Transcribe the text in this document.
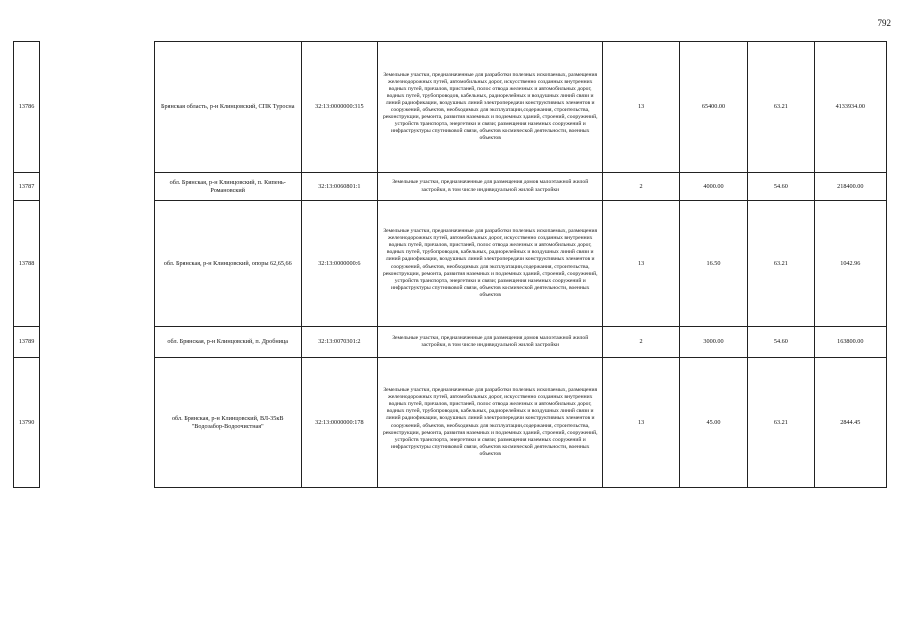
792
13786		Брянская область, р-н Клинцовский, СПК Туросна	32:13:0000000:315	Земельные участки, предназначенные для разработки полезных ископаемых, размещения железнодорожных путей, автомобильных дорог, искусственно созданных внутренних водных путей, причалов, пристаней, полос отвода железных и автомобильных дорог, водных путей, трубопроводов, кабельных, радиорелейных и воздушных линий связи и линий радиофикации, воздушных линий электропередачи конструктивных элементов и сооружений, объектов, необходимых для эксплуатации,содержания, строительства, реконструкции, ремонта, развития наземных и подземных зданий, строений, сооружений, устройств транспорта, энергетики и связи; размещения наземных сооружений и инфраструктуры спутниковой связи, объектов космической деятельности, военных объектов	13	65400.00	63.21	4133934.00
13787		обл. Брянская, р-н Клинцовский, п. Кипень-Романовский	32:13:0060801:1	Земельные участки, предназначенные для размещения домов малоэтажной жилой застройки, в том числе индивидуальной жилой застройки	2	4000.00	54.60	218400.00
13788		обл. Брянская, р-н Клинцовский, опоры 62,65,66	32:13:0000000:6	Земельные участки, предназначенные для разработки полезных ископаемых, размещения железнодорожных путей, автомобильных дорог, искусственно созданных внутренних водных путей, причалов, пристаней, полос отвода железных и автомобильных дорог, водных путей, трубопроводов, кабельных, радиорелейных и воздушных линий связи и линий радиофикации, воздушных линий электропередачи конструктивных элементов и сооружений, объектов, необходимых для эксплуатации,содержания, строительства, реконструкции, ремонта, развития наземных и подземных зданий, строений, сооружений, устройств транспорта, энергетики и связи; размещения наземных сооружений и инфраструктуры спутниковой связи, объектов космической деятельности, военных объектов	13	16.50	63.21	1042.96
13789		обл. Брянская, р-н Клинцовский, п. Дробница	32:13:0070301:2	Земельные участки, предназначенные для размещения домов малоэтажной жилой застройки, в том числе индивидуальной жилой застройки	2	3000.00	54.60	163800.00
13790		обл. Брянская, р-н Клинцовский, ВЛ-35кВ "Водозабор-Водоочистная"	32:13:0000000:178	Земельные участки, предназначенные для разработки полезных ископаемых, размещения железнодорожных путей, автомобильных дорог, искусственно созданных внутренних водных путей, причалов, пристаней, полос отвода железных и автомобильных дорог, водных путей, трубопроводов, кабельных, радиорелейных и воздушных линий связи и линий радиофикации, воздушных линий электропередачи конструктивных элементов и сооружений, объектов, необходимых для эксплуатации,содержания, строительства, реконструкции, ремонта, развития наземных и подземных зданий, строений, сооружений, устройств транспорта, энергетики и связи; размещения наземных сооружений и инфраструктуры спутниковой связи, объектов космической деятельности, военных объектов	13	45.00	63.21	2844.45
